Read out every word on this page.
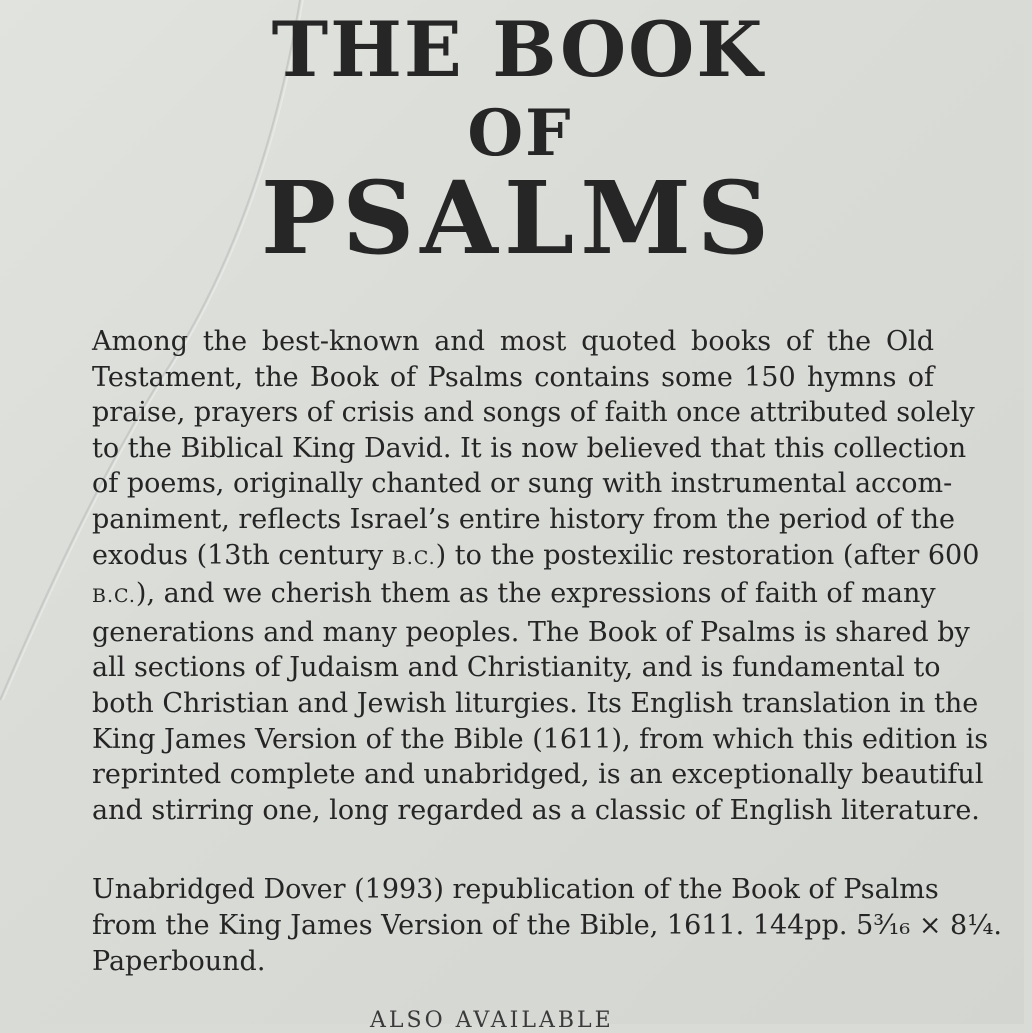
THE BOOK
OF
PSALMS

Among the best-known and most quoted books of the Old
Testament, the Book of Psalms contains some 150 hymns of
praise, prayers of crisis and songs of faith once attributed solely
to the Biblical King David. It is now believed that this collection
of poems, originally chanted or sung with instrumental accom-
paniment, reflects Israel’s entire history from the period of the
exodus (13th century B.C.) to the postexilic restoration (after 600
B.C.), and we cherish them as the expressions of faith of many
generations and many peoples. The Book of Psalms is shared by
all sections of Judaism and Christianity, and is fundamental to
both Christian and Jewish liturgies. Its English translation in the
King James Version of the Bible (1611), from which this edition is
reprinted complete and unabridged, is an exceptionally beautiful
and stirring one, long regarded as a classic of English literature.

Unabridged Dover (1993) republication of the Book of Psalms
from the King James Version of the Bible, 1611. 144pp. 5³⁄₁₆ × 8¼.
Paperbound.

ALSO AVAILABLE
